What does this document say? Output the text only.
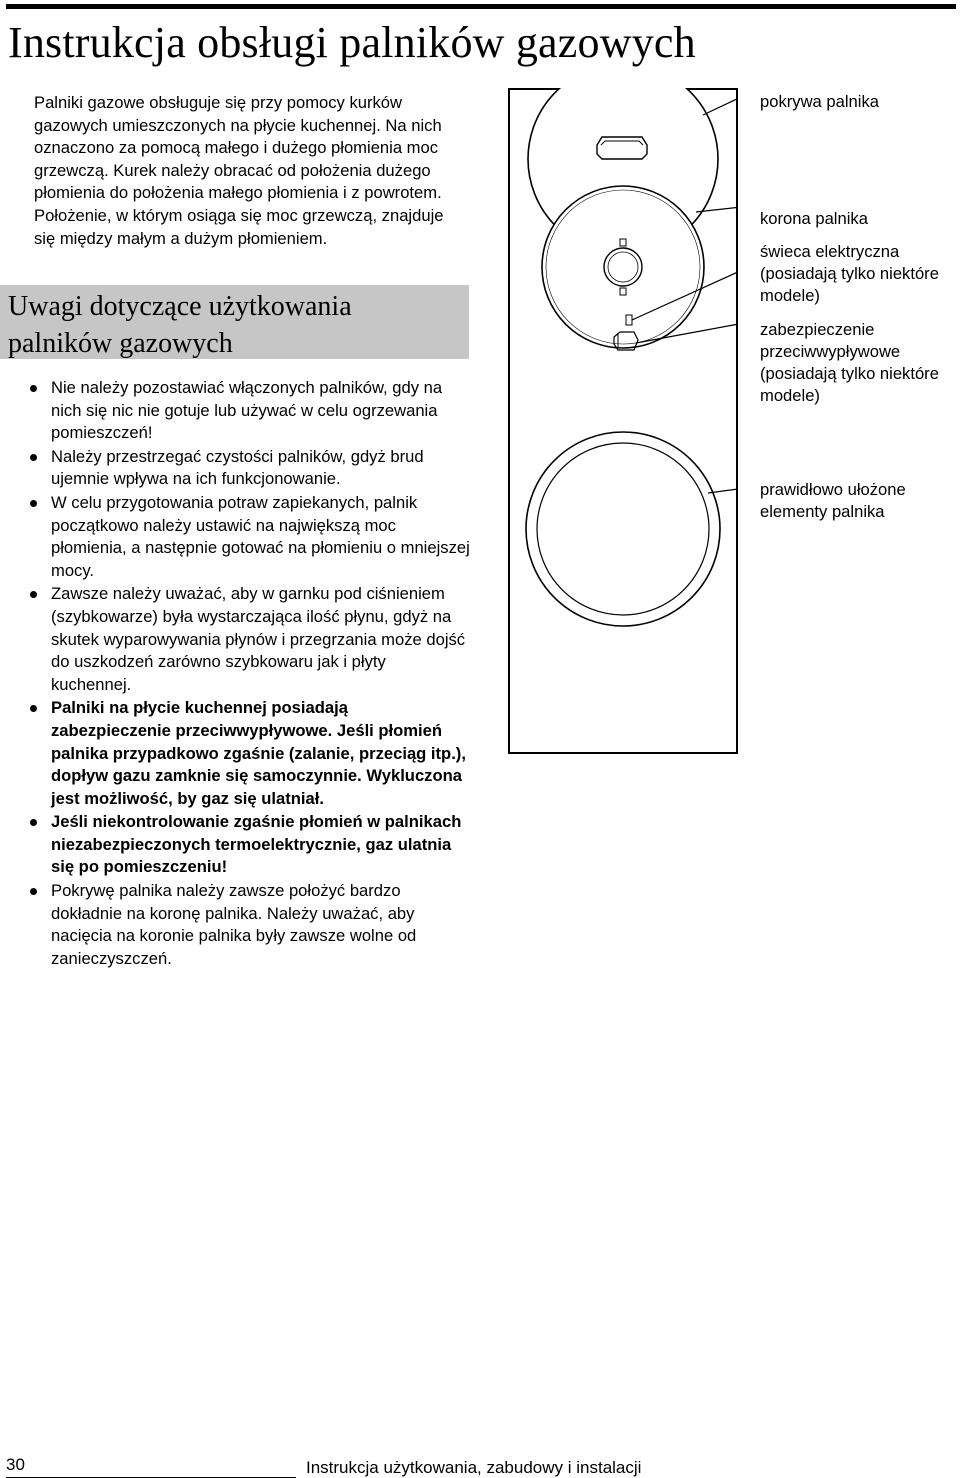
Instrukcja obsługi palników gazowych
Palniki gazowe obsługuje się przy pomocy kurków gazowych umieszczonych na płycie kuchennej. Na nich oznaczono za pomocą małego i dużego płomienia moc grzewczą. Kurek należy obracać od położenia dużego płomienia do położenia małego płomienia i z powrotem. Położenie, w którym osiąga się moc grzewczą, znajduje się między małym a dużym płomieniem.
Uwagi dotyczące użytkowania palników gazowych
Nie należy pozostawiać włączonych palników, gdy na nich się nic nie gotuje lub używać w celu ogrzewania pomieszczeń!
Należy przestrzegać czystości palników, gdyż brud ujemnie wpływa na ich funkcjonowanie.
W celu przygotowania potraw zapiekanych, palnik początkowo należy ustawić na największą moc płomienia, a następnie gotować na płomieniu o mniejszej mocy.
Zawsze należy uważać, aby w garnku pod ciśnieniem (szybkowarze) była wystarczająca ilość płynu, gdyż na skutek wyparowywania płynów i przegrzania może dojść do uszkodzeń zarówno szybkowaru jak i płyty kuchennej.
Palniki na płycie kuchennej posiadają zabezpieczenie przeciwwypływowe. Jeśli płomień palnika przypadkowo zgaśnie (zalanie, przeciąg itp.), dopływ gazu zamknie się samoczynnie. Wykluczona jest możliwość, by gaz się ulatniał.
Jeśli niekontrolowanie zgaśnie płomień w palnikach niezabezpieczonych termoelektrycznie, gaz ulatnia się po pomieszczeniu!
Pokrywę palnika należy zawsze położyć bardzo dokładnie na koronę palnika. Należy uważać, aby nacięcia na koronie palnika były zawsze wolne od zanieczyszczeń.
pokrywa palnika
korona palnika
świeca elektryczna (posiadają tylko niektóre modele)
zabezpieczenie przeciwwypływowe (posiadają tylko niektóre modele)
prawidłowo ułożone elementy palnika
30	Instrukcja użytkowania, zabudowy i instalacji
